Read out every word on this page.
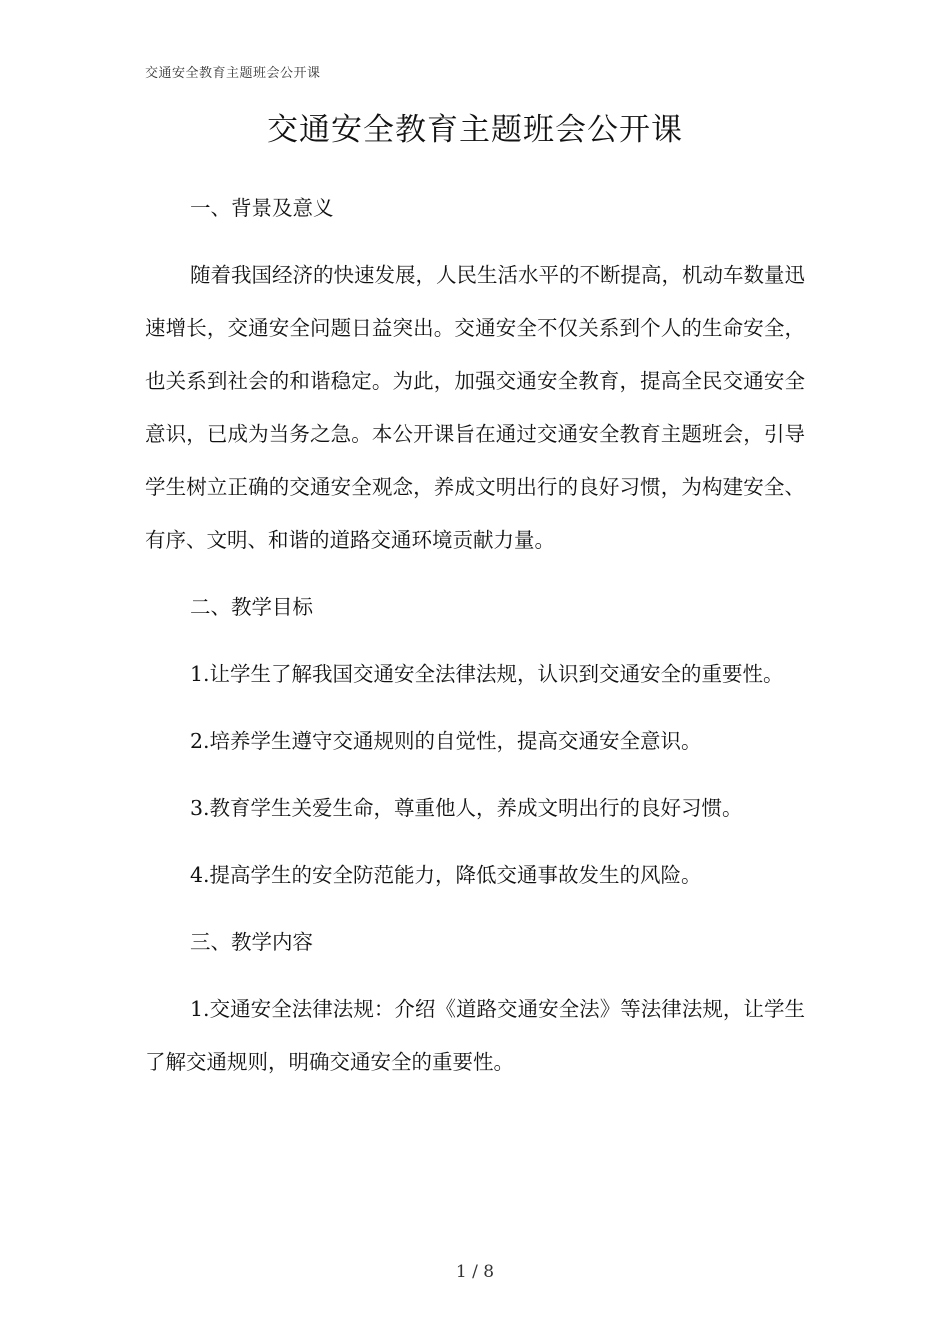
交通安全教育主题班会公开课
交通安全教育主题班会公开课

一、背景及意义

随着我国经济的快速发展，人民生活水平的不断提高，机动车数量迅速增长，交通安全问题日益突出。交通安全不仅关系到个人的生命安全，也关系到社会的和谐稳定。为此，加强交通安全教育，提高全民交通安全意识，已成为当务之急。本公开课旨在通过交通安全教育主题班会，引导学生树立正确的交通安全观念，养成文明出行的良好习惯，为构建安全、有序、文明、和谐的道路交通环境贡献力量。

二、教学目标

1.让学生了解我国交通安全法律法规，认识到交通安全的重要性。

2.培养学生遵守交通规则的自觉性，提高交通安全意识。

3.教育学生关爱生命，尊重他人，养成文明出行的良好习惯。

4.提高学生的安全防范能力，降低交通事故发生的风险。

三、教学内容

1.交通安全法律法规：介绍《道路交通安全法》等法律法规，让学生了解交通规则，明确交通安全的重要性。

1 / 8
